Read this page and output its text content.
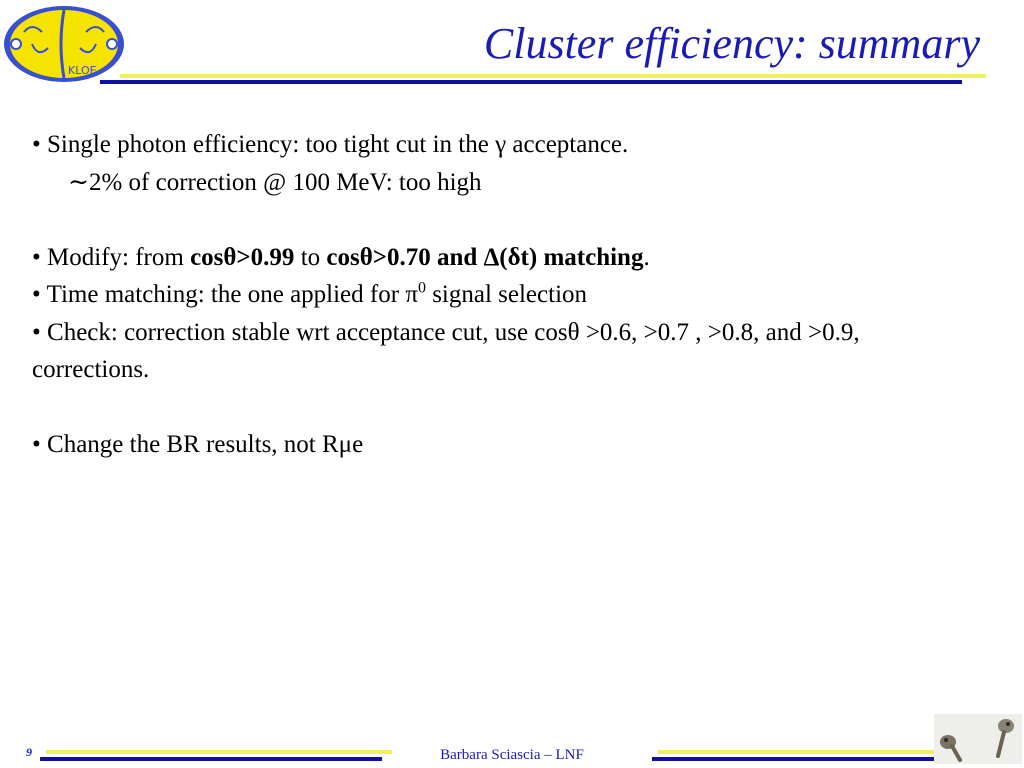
KLOE
Cluster efficiency: summary
• Single photon efficiency: too tight cut in the γ acceptance.
∼2% of correction @ 100 MeV: too high
• Modify: from cosθ>0.99 to cosθ>0.70 and Δ(δt) matching.
• Time matching: the one applied for $\pi^0$ signal selection
• Check: correction stable wrt acceptance cut, use cosθ >0.6, >0.7 , >0.8, and >0.9, corrections.
• Change the BR results, not Rμe
9	Barbara Sciascia – LNF
